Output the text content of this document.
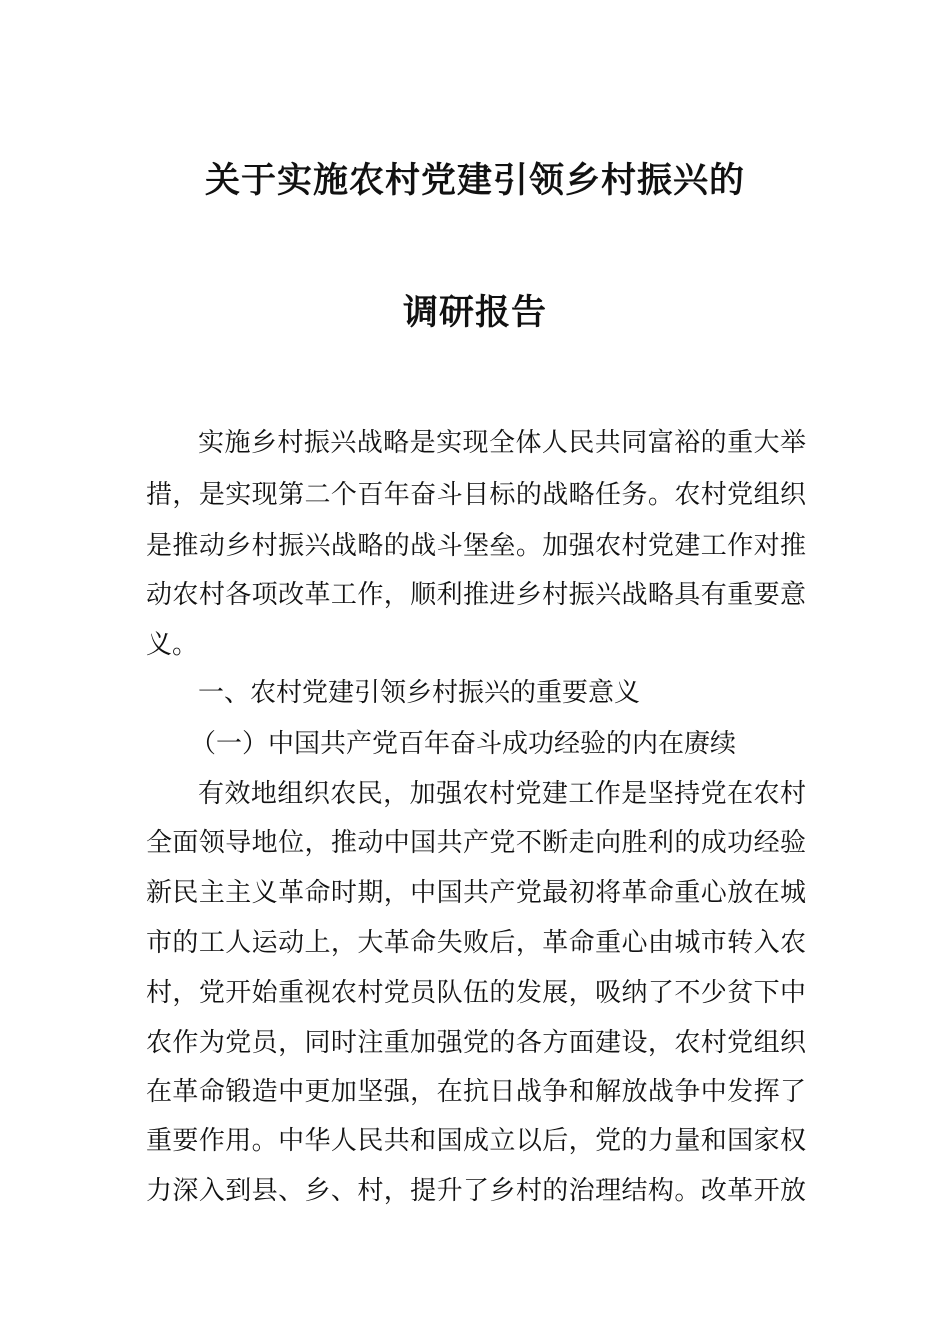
关于实施农村党建引领乡村振兴的
调研报告
实施乡村振兴战略是实现全体人民共同富裕的重大举
措，是实现第二个百年奋斗目标的战略任务。农村党组织
是推动乡村振兴战略的战斗堡垒。加强农村党建工作对推
动农村各项改革工作，顺利推进乡村振兴战略具有重要意
义。
一、农村党建引领乡村振兴的重要意义
（一）中国共产党百年奋斗成功经验的内在赓续
有效地组织农民，加强农村党建工作是坚持党在农村
全面领导地位，推动中国共产党不断走向胜利的成功经验
新民主主义革命时期，中国共产党最初将革命重心放在城
市的工人运动上，大革命失败后，革命重心由城市转入农
村，党开始重视农村党员队伍的发展，吸纳了不少贫下中
农作为党员，同时注重加强党的各方面建设，农村党组织
在革命锻造中更加坚强，在抗日战争和解放战争中发挥了
重要作用。中华人民共和国成立以后，党的力量和国家权
力深入到县、乡、村，提升了乡村的治理结构。改革开放
